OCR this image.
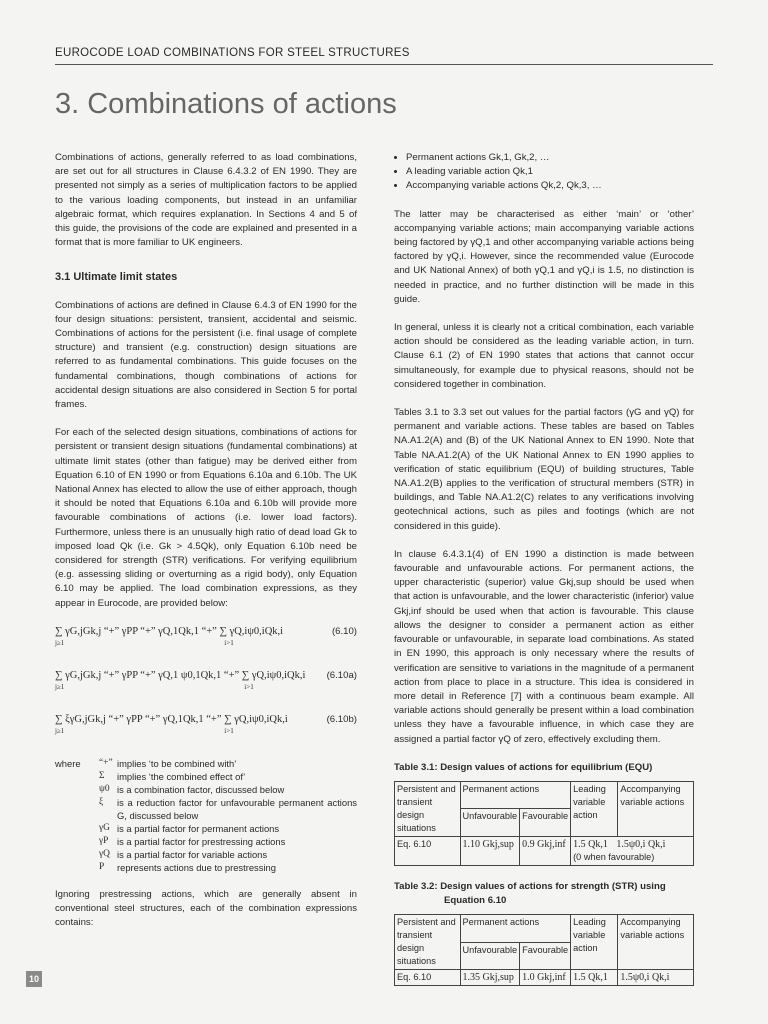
EUROCODE LOAD COMBINATIONS FOR STEEL STRUCTURES
3. Combinations of actions

Combinations of actions, generally referred to as load combinations, are set out for all structures in Clause 6.4.3.2 of EN 1990. They are presented not simply as a series of multiplication factors to be applied to the various loading components, but instead in an unfamiliar algebraic format, which requires explanation. In Sections 4 and 5 of this guide, the provisions of the code are explained and presented in a format that is more familiar to UK engineers.

3.1 Ultimate limit states

Combinations of actions are defined in Clause 6.4.3 of EN 1990 for the four design situations: persistent, transient, accidental and seismic. Combinations of actions for the persistent (i.e. final usage of complete structure) and transient (e.g. construction) design situations are referred to as fundamental combinations. This guide focuses on the fundamental combinations, though combinations of actions for accidental design situations are also considered in Section 5 for portal frames.

For each of the selected design situations, combinations of actions for persistent or transient design situations (fundamental combinations) at ultimate limit states (other than fatigue) may be derived either from Equation 6.10 of EN 1990 or from Equations 6.10a and 6.10b. The UK National Annex has elected to allow the use of either approach, though it should be noted that Equations 6.10a and 6.10b will provide more favourable combinations of actions (i.e. lower load factors). Furthermore, unless there is an unusually high ratio of dead load Gk to imposed load Qk (i.e. Gk > 4.5Qk), only Equation 6.10b need be considered for strength (STR) verifications. For verifying equilibrium (e.g. assessing sliding or overturning as a rigid body), only Equation 6.10 may be applied. The load combination expressions, as they appear in Eurocode, are provided below:

∑ γG,jGk,j “+” γPP “+” γQ,1Qk,1 “+” ∑ γQ,iψ0,iQk,i
j≥1	i>1
(6.10)
∑ γG,jGk,j “+” γPP “+” γQ,1 ψ0,1Qk,1 “+” ∑ γQ,iψ0,iQk,i
j≥1	i>1
(6.10a)
∑ ξγG,jGk,j “+” γPP “+” γQ,1Qk,1 “+” ∑ γQ,iψ0,iQk,i
j≥1	i>1
(6.10b)
where	“+” implies ‘to be combined with’
Σ	implies ‘the combined effect of’
ψ0 is a combination factor, discussed below
ξ	is a reduction factor for unfavourable permanent actions G, discussed below
γG is a partial factor for permanent actions
γP is a partial factor for prestressing actions
γQ is a partial factor for variable actions
P	represents actions due to prestressing

Ignoring prestressing actions, which are generally absent in conventional steel structures, each of the combination expressions contains:

• Permanent actions Gk,1, Gk,2, …
• A leading variable action Qk,1
• Accompanying variable actions Qk,2, Qk,3, …

The latter may be characterised as either ‘main’ or ‘other’ accompanying variable actions; main accompanying variable actions being factored by γQ,1 and other accompanying variable actions being factored by γQ,i. However, since the recommended value (Eurocode and UK National Annex) of both γQ,1 and γQ,i is 1.5, no distinction is needed in practice, and no further distinction will be made in this guide.

In general, unless it is clearly not a critical combination, each variable action should be considered as the leading variable action, in turn. Clause 6.1 (2) of EN 1990 states that actions that cannot occur simultaneously, for example due to physical reasons, should not be considered together in combination.

Tables 3.1 to 3.3 set out values for the partial factors (γG and γQ) for permanent and variable actions. These tables are based on Tables NA.A1.2(A) and (B) of the UK National Annex to EN 1990. Note that Table NA.A1.2(A) of the UK National Annex to EN 1990 applies to verification of static equilibrium (EQU) of building structures, Table NA.A1.2(B) applies to the verification of structural members (STR) in buildings, and Table NA.A1.2(C) relates to any verifications involving geotechnical actions, such as piles and footings (which are not considered in this guide).

In clause 6.4.3.1(4) of EN 1990 a distinction is made between favourable and unfavourable actions. For permanent actions, the upper characteristic (superior) value Gkj,sup should be used when that action is unfavourable, and the lower characteristic (inferior) value Gkj,inf should be used when that action is favourable. This clause allows the designer to consider a permanent action as either favourable or unfavourable, in separate load combinations. As stated in EN 1990, this approach is only necessary where the results of verification are sensitive to variations in the magnitude of a permanent action from place to place in a structure. This idea is considered in more detail in Reference [7] with a continuous beam example. All variable actions should generally be present within a load combination unless they have a favourable influence, in which case they are assigned a partial factor γQ of zero, effectively excluding them.

Table 3.1: Design values of actions for equilibrium (EQU)
Persistent and transient design situations	Permanent actions		Leading variable action	Accompanying variable actions
	Unfavourable	Favourable		
Eq. 6.10	1.10 Gkj,sup	0.9 Gkj,inf	1.5 Qk,1 1.5ψ0,i Qk,i
(0 when favourable)	
Table 3.2: Design values of actions for strength (STR) using
Equation 6.10
Persistent and transient design situations	Permanent actions		Leading variable action	Accompanying variable actions
	Unfavourable	Favourable		
Eq. 6.10	1.35 Gkj,sup	1.0 Gkj,inf	1.5 Qk,1	1.5ψ0,i Qk,i
10
